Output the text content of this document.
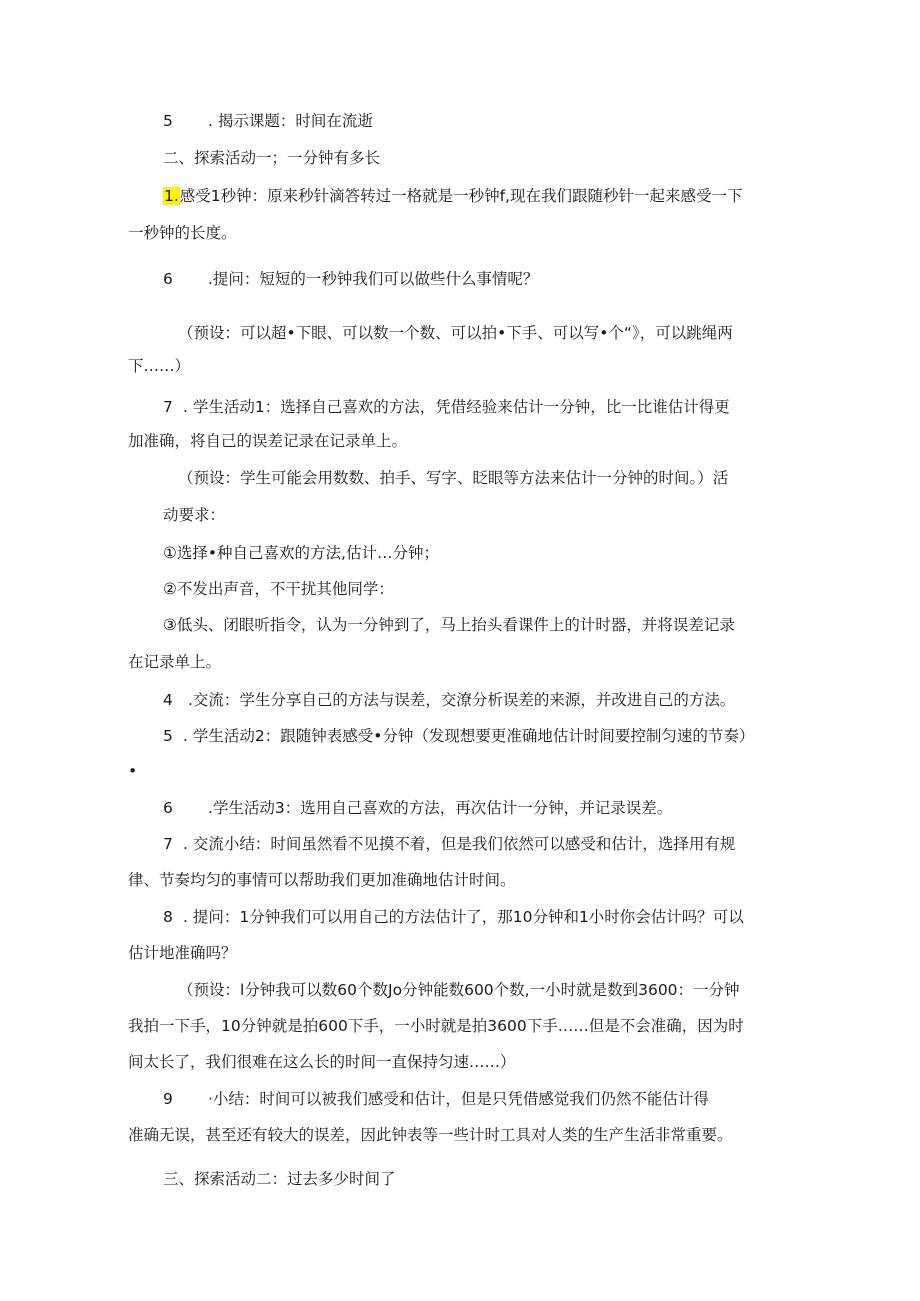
5 . 揭示课题：时间在流逝
二、探索活动一；一分钟有多长
1.感受1秒钟：原来秒针滴答转过一格就是一秒钟f,现在我们跟随秒针一起来感受一下
一秒钟的长度。
6 .提问：短短的一秒钟我们可以做些什么事情呢？
（预设：可以超•下眼、可以数一个数、可以拍•下手、可以写•个“》，可以跳绳两
下……）
7 . 学生活动1：选择自己喜欢的方法，凭借经验来估计一分钟，比一比谁估计得更
加准确，将自己的误差记录在记录单上。
（预设：学生可能会用数数、拍手、写字、眨眼等方法来估计一分钟的时间。）活
动要求：
①选择•种自己喜欢的方法,估计…分钟；
②不发出声音，不干扰其他同学：
③低头、闭眼听指令，认为一分钟到了，马上抬头看课件上的计时器，并将误差记录
在记录单上。
4 .交流：学生分享自己的方法与误差，交潦分析误差的来源，并改进自己的方法。
5 . 学生活动2：跟随钟表感受•分钟（发现想要更准确地估计时间要控制匀速的节奏）
•
6 .学生活动3：选用自己喜欢的方法，再次估计一分钟，并记录误差。
7 . 交流小结：时间虽然看不见摸不着，但是我们依然可以感受和估计，选择用有规
律、节奏均匀的事情可以帮助我们更加准确地估计时间。
8 . 提问：1分钟我们可以用自己的方法估计了，那10分钟和1小时你会估计吗？可以
估计地准确吗？
（预设：l分钟我可以数60个数Jo分钟能数600个数,一小时就是数到3600：一分钟
我拍一下手，10分钟就是拍600下手，一小时就是拍3600下手……但是不会准确，因为时
间太长了，我们很难在这么长的时间一直保持匀速……）
9 ·小结：时间可以被我们感受和估计，但是只凭借感觉我们仍然不能估计得
准确无误，甚至还有较大的误差，因此钟表等一些计时工具对人类的生产生活非常重要。
三、探索活动二：过去多少时间了
